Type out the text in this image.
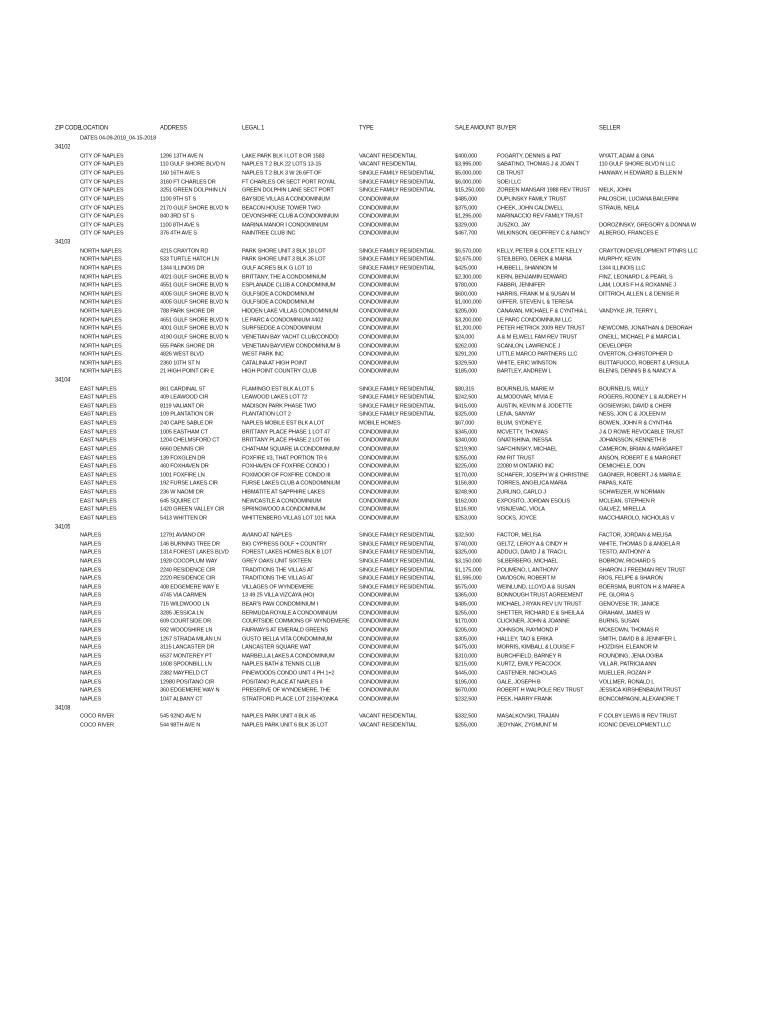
ZIP CODE
LOCATION	ADDRESS	LEGAL 1	TYPE	SALE AMOUNT BUYER	SELLER
DATES 04-09-2018_04-15-2018
34102
CITY OF NAPLES	1296 13TH AVE N	LAKE PARK BLK I LOT 8 OR 1583	VACANT RESIDENTIAL	$400,000	FOGARTY, DENNIS & PAT	WYATT, ADAM & GINA
CITY OF NAPLES	110 GULF SHORE BLVD N	NAPLES T 2 BLK 22 LOTS 13-15	VACANT RESIDENTIAL	$3,995,000	SABATINO, THOMAS J & JOAN T	110 GULF SHORE BLVD N LLC
CITY OF NAPLES	160 16TH AVE S	NAPLES T 2 BLK 3 W 26.6FT OF	SINGLE FAMILY RESIDENTIAL	$5,000,000	CB TRUST	HANWAY, H EDWARD & ELLEN M
CITY OF NAPLES	3160 FT CHARLES DR	FT CHARLES OR SECT PORT ROYAL	SINGLE FAMILY RESIDENTIAL	$6,000,000	SOEI LLC
CITY OF NAPLES	3251 GREEN DOLPHIN LN	GREEN DOLPHIN LANE SECT PORT	SINGLE FAMILY RESIDENTIAL	$15,250,000	ZOREEN MANSARI 1988 REV TRUST	MELK, JOHN
CITY OF NAPLES	1100 9TH ST S	BAYSIDE VILLAS A CONDOMINIUM	CONDOMINIUM	$485,000	DUPLINSKY FAMILY TRUST	PALOSCHI, LUCIANA BAILERINI
CITY OF NAPLES	2170 GULF SHORE BLVD N	BEACON HOUSE TOWER TWO	CONDOMINIUM	$375,000	CHEEK, JOHN CALDWELL	STRAUB, NEILA
CITY OF NAPLES	840 3RD ST S	DEVONSHIRE CLUB A CONDOMINIUM	CONDOMINIUM	$1,295,000	MARINACCIO REV FAMILY TRUST
CITY OF NAPLES	1100 8TH AVE S	MARINA MANOR I CONDOMINIUM	CONDOMINIUM	$329,000	JUSZKO, JAY	DOROZINSKY, GREGORY & DONNA W
CITY OF NAPLES	376 4TH AVE S	RAINTREE CLUB INC	CONDOMINIUM	$467,700	WILKINSON, GEOFFREY C & NANCY	ALBERGO, FRANCES E
34103
NORTH NAPLES	4215 CRAYTON RD	PARK SHORE UNIT 3 BLK 18 LOT	SINGLE FAMILY RESIDENTIAL	$6,570,000	KELLY, PETER & COLETTE KELLY	CRAYTON DEVELOPMENT PTNRS LLC
NORTH NAPLES	533 TURTLE HATCH LN	PARK SHORE UNIT 3 BLK 35 LOT	SINGLE FAMILY RESIDENTIAL	$2,675,000	STEILBERG, DEREK & MARIA	MURPHY, KEVIN
NORTH NAPLES	1344 ILLINOIS DR	GULF ACRES BLK G LOT 10	SINGLE FAMILY RESIDENTIAL	$425,000	HUBBELL, SHANNON M	1344 ILLINOIS LLC
NORTH NAPLES	4021 GULF SHORE BLVD N	BRITTANY, THE A CONDOMINIUM	CONDOMINIUM	$2,300,000	KERN, BENJAMIN EDWARD	FINZ, LEONARD L & PEARL S
NORTH NAPLES	4551 GULF SHORE BLVD N	ESPLANADE CLUB A CONDOMINIUM	CONDOMINIUM	$780,000	FABBRI, JENNIFER	LAM, LOUIS F H & ROXANNE J
NORTH NAPLES	4005 GULF SHORE BLVD N	GULFSIDE A CONDOMINIUM	CONDOMINIUM	$600,000	HARRIS, FRANK M & SUSAN M	DITTRICH, ALLEN L & DENISE R
NORTH NAPLES	4005 GULF SHORE BLVD N	GULFSIDE A CONDOMINIUM	CONDOMINIUM	$1,000,000	GIFFER, STEVEN L & TERESA
NORTH NAPLES	788 PARK SHORE DR	HIDDEN LAKE VILLAS CONDOMINIUM	CONDOMINIUM	$205,000	CANAVAN, MICHAEL F & CYNTHIA L	VANDYKE JR, TERRY L
NORTH NAPLES	4651 GULF SHORE BLVD N	LE PARC A CONDOMINIUM #402	CONDOMINIUM	$3,200,000	LE PARC CONDOMINIUM LLC
NORTH NAPLES	4001 GULF SHORE BLVD N	SURFSEDGE A CONDOMINIUM	CONDOMINIUM	$1,200,000	PETER HETRICK 2009 REV TRUST	NEWCOMB, JONATHAN & DEBORAH
NORTH NAPLES	4190 GULF SHORE BLVD N	VENETIAN BAY YACHT CLUB(CONDO)	CONDOMINIUM	$24,000	A & M ELWELL FAM REV TRUST	ONEILL, MICHAEL P & MARCIA L
NORTH NAPLES	555 PARK SHORE DR	VENETIAN BAYVIEW CONDOMINIUM B	CONDOMINIUM	$262,000	SCANLON, LAWRENCE J	DEVELOPER
NORTH NAPLES	4826 WEST BLVD	WEST PARK INC	CONDOMINIUM	$291,200	LITTLE MARCO PARTNERS LLC	OVERTON, CHRISTOPHER D
NORTH NAPLES	2360 10TH ST N	CATALINA AT HIGH POINT	CONDOMINIUM	$329,500	WHITE, ERIC WINSTON	BUTTAFUOCO, ROBERT & URSULA
NORTH NAPLES	21 HIGH POINT CIR E	HIGH POINT COUNTRY CLUB	CONDOMINIUM	$185,000	BARTLEY, ANDREW L	BLENIS, DENNIS B & NANCY A
34104
EAST NAPLES	861 CARDINAL ST	FLAMINGO EST BLK A LOT 5	SINGLE FAMILY RESIDENTIAL	$80,315	BOURNELIS, MARIE M	BOURNELIS, WILLY
EAST NAPLES	409 LEAWOOD CIR	LEAWOOD LAKES LOT 72	SINGLE FAMILY RESIDENTIAL	$242,500	ALMODOVAR, MIVIA E	ROGERS, RODNEY L & AUDREY H
EAST NAPLES	8119 VALIANT DR	MADISON PARK PHASE TWO	SINGLE FAMILY RESIDENTIAL	$415,000	AUSTIN, KEVIN M & JODETTE	GOSIEWSKI, DAVID & CHERI
EAST NAPLES	109 PLANTATION CIR	PLANTATION LOT 2	SINGLE FAMILY RESIDENTIAL	$325,000	LEIVA, SANYAY	NESS, JON C & JOLEEN M
EAST NAPLES	240 CAPE SABLE DR	NAPLES MOBILE EST BLK A LOT	MOBILE HOMES	$67,000	BLUM, SYDNEY E	BOWEN, JOHN R & CYNTHIA
EAST NAPLES	1005 EASTHAM CT	BRITTANY PLACE PHASE 1 LOT 47	CONDOMINIUM	$345,000	MCVETTY, THOMAS	J & D ROWE REVOCABLE TRUST
EAST NAPLES	1204 CHELMSFORD CT	BRITTANY PLACE PHASE 2 LOT 66	CONDOMINIUM	$340,000	GNATISHINA, INESSA	JOHANSSON, KENNETH B
EAST NAPLES	6660 DENNIS CIR	CHATHAM SQUARE IA CONDOMINIUM	CONDOMINIUM	$219,900	SAFCHINSKY, MICHAEL	CAMERON, BRIAN & MARGARET
EAST NAPLES	139 FOXGLEN DR	FOXFIRE #3, THAT PORTION TR 6	CONDOMINIUM	$255,000	RM RIT TRUST	ANSON, ROBERT E & MARGRET
EAST NAPLES	460 FOXHAVEN DR	FOXHAVEN OF FOXFIRE CONDO I	CONDOMINIUM	$225,000	22080 M ONTARIO INC	DEMICHELE, DON
EAST NAPLES	1001 FOXFIRE LN	FOXMOOR OF FOXFIRE CONDO III	CONDOMINIUM	$170,000	SCHAFER, JOSEPH W & CHRISTINE	GAGNIER, ROBERT J & MARIA E
EAST NAPLES	192 FURSE LAKES CIR	FURSE LAKES CLUB A CONDOMINIUM	CONDOMINIUM	$156,800	TORRES, ANGELICA MARIA	PAPAS, KATE
EAST NAPLES	236 W NAOMI DR	HIBMATITE AT SAPPHIRE LAKES	CONDOMINIUM	$248,900	ZURLINO, CARLO J	SCHWEIZER, W NORMAN
EAST NAPLES	645 SQUIRE CT	NEWCASTLE A CONDOMINIUM	CONDOMINIUM	$162,000	EXPOSITO, JORDAN ESOLIS	MCLEAN, STEPHEN R
EAST NAPLES	1420 GREEN VALLEY CIR	SPRINGWOOD A CONDOMINIUM	CONDOMINIUM	$116,900	VISNJEVAC, VIOLA	GALVEZ, MIRELLA
EAST NAPLES	5413 WHITTEN DR	WHITTENBERG VILLAS LOT 101 NKA	CONDOMINIUM	$253,000	SOCKS, JOYCE	MACCHIAROLO, NICHOLAS V
34105
NAPLES	12791 AVIANO DR	AVIANO AT NAPLES	SINGLE FAMILY RESIDENTIAL	$32,500	FACTOR, MELISA	FACTOR, JORDAN & MELISA
NAPLES	146 BURNING TREE DR	BIG CYPRESS GOLF + COUNTRY	SINGLE FAMILY RESIDENTIAL	$740,000	GELTZ, LEROY A & CINDY H	WHITE, THOMAS D & ANGELA R
NAPLES	1314 FOREST LAKES BLVD	FOREST LAKES HOMES BLK B LOT	SINGLE FAMILY RESIDENTIAL	$325,000	ADDUCI, DAVID J & TRACI L	TESTO, ANTHONY A
NAPLES	1928 COCOPLUM WAY	GREY OAKS UNIT SIXTEEN	SINGLE FAMILY RESIDENTIAL	$3,150,000	SILBERBERG, MICHAEL	BOBROW, RICHARD S
NAPLES	2240 RESIDENCE CIR	TRADITIONS THE VILLAS AT	SINGLE FAMILY RESIDENTIAL	$1,175,000	POLIMENO, L ANTHONY	SHARON J FREEMAN REV TRUST
NAPLES	2220 RESIDENCE CIR	TRADITIONS THE VILLAS AT	SINGLE FAMILY RESIDENTIAL	$1,595,000	DAVIDSON, ROBERT M	RIOS, FELIPE & SHARON
NAPLES	408 EDGEMERE WAY E	VILLAGES OF WYNDEMERE	SINGLE FAMILY RESIDENTIAL	$575,000	WEINLUND, LLOYD A & SUSAN	BOERSMA, BURTON H & MARIE A
NAPLES	4745 VIA CARMEN	13 49 25 VILLA VIZCAYA (HO)	CONDOMINIUM	$365,000	BONNOUGH TRUST AGREEMENT	PE, GLORIA S
NAPLES	715 WILDWOOD LN	BEAR'S PAW CONDOMINIUM I	CONDOMINIUM	$485,000	MICHAEL J RYAN REV LIV TRUST	GENOVESE TR, JANICE
NAPLES	3285 JESSICA LN	BERMUDA ROYALE A CONDOMINIUM	CONDOMINIUM	$255,000	SHETTER, RICHARD E & SHEILA A	GRAHAM, JAMES W
NAPLES	609 COURTSIDE DR	COURTSIDE COMMONS OF WYNDEMERE	CONDOMINIUM	$170,000	CLICKNER, JOHN & JOANNE	BURNS, SUSAN
NAPLES	592 WOODSHIRE LN	FAIRWAYS AT EMERALD GREENS	CONDOMINIUM	$205,000	JOHNSON, RAYMOND P	MCKEOWN, THOMAS R
NAPLES	1267 STRADA MILAN LN	GUSTO BELLA VITA CONDOMINIUM	CONDOMINIUM	$305,000	HALLEY, TAO & ERIKA	SMITH, DAVID B & JENNIFER L
NAPLES	3115 LANCASTER DR	LANCASTER SQUARE WAT	CONDOMINIUM	$475,000	MORRIS, KIMBALL & LOUISE F	HOZDISH, ELEANOR M
NAPLES	6537 MONTEREY PT	MARBELLA LAKES A CONDOMINIUM	CONDOMINIUM	$310,000	BURCHFIELD, BARNEY R	ROUNDING, JENA OGIBA
NAPLES	1608 SPOONBILL LN	NAPLES BATH & TENNIS CLUB	CONDOMINIUM	$215,000	KURTZ, EMILY PEACOCK	VILLAR, PATRICIA ANN
NAPLES	2382 MAYFIELD CT	PINEWOODS CONDO UNIT 4 PH 1+2	CONDOMINIUM	$445,000	CASTENER, NICHOLAS	MUELLER, ROZAN P
NAPLES	12980 POSITANO CIR	POSITANO PLACE AT NAPLES II	CONDOMINIUM	$195,000	GALE, JOSEPH B	VOLLMER, RONALD L
NAPLES	360 EDGEMERE WAY N	PRESERVE OF WYNDEMERE, THE	CONDOMINIUM	$670,000	ROBERT H WALPOLE REV TRUST	JESSICA KIRSHENBAUM TRUST
NAPLES	1047 ALBANY CT	STRATFORD PLACE LOT 215(HO)NKA	CONDOMINIUM	$232,500	PEEK, HARRY FRANK	BONCOMPAGNI, ALEXANDRE T
34108
COCO RIVER	545 92ND AVE N	NAPLES PARK UNIT 4 BLK 45	VACANT RESIDENTIAL	$332,500	MASALKOVSKI, TRAJAN	F COLBY LEWIS III REV TRUST
COCO RIVER	544 98TH AVE N	NAPLES PARK UNIT 6 BLK 35 LOT	VACANT RESIDENTIAL	$255,000	JEDYNAK, ZYGMUNT M	ICONIC DEVELOPMENT LLC
